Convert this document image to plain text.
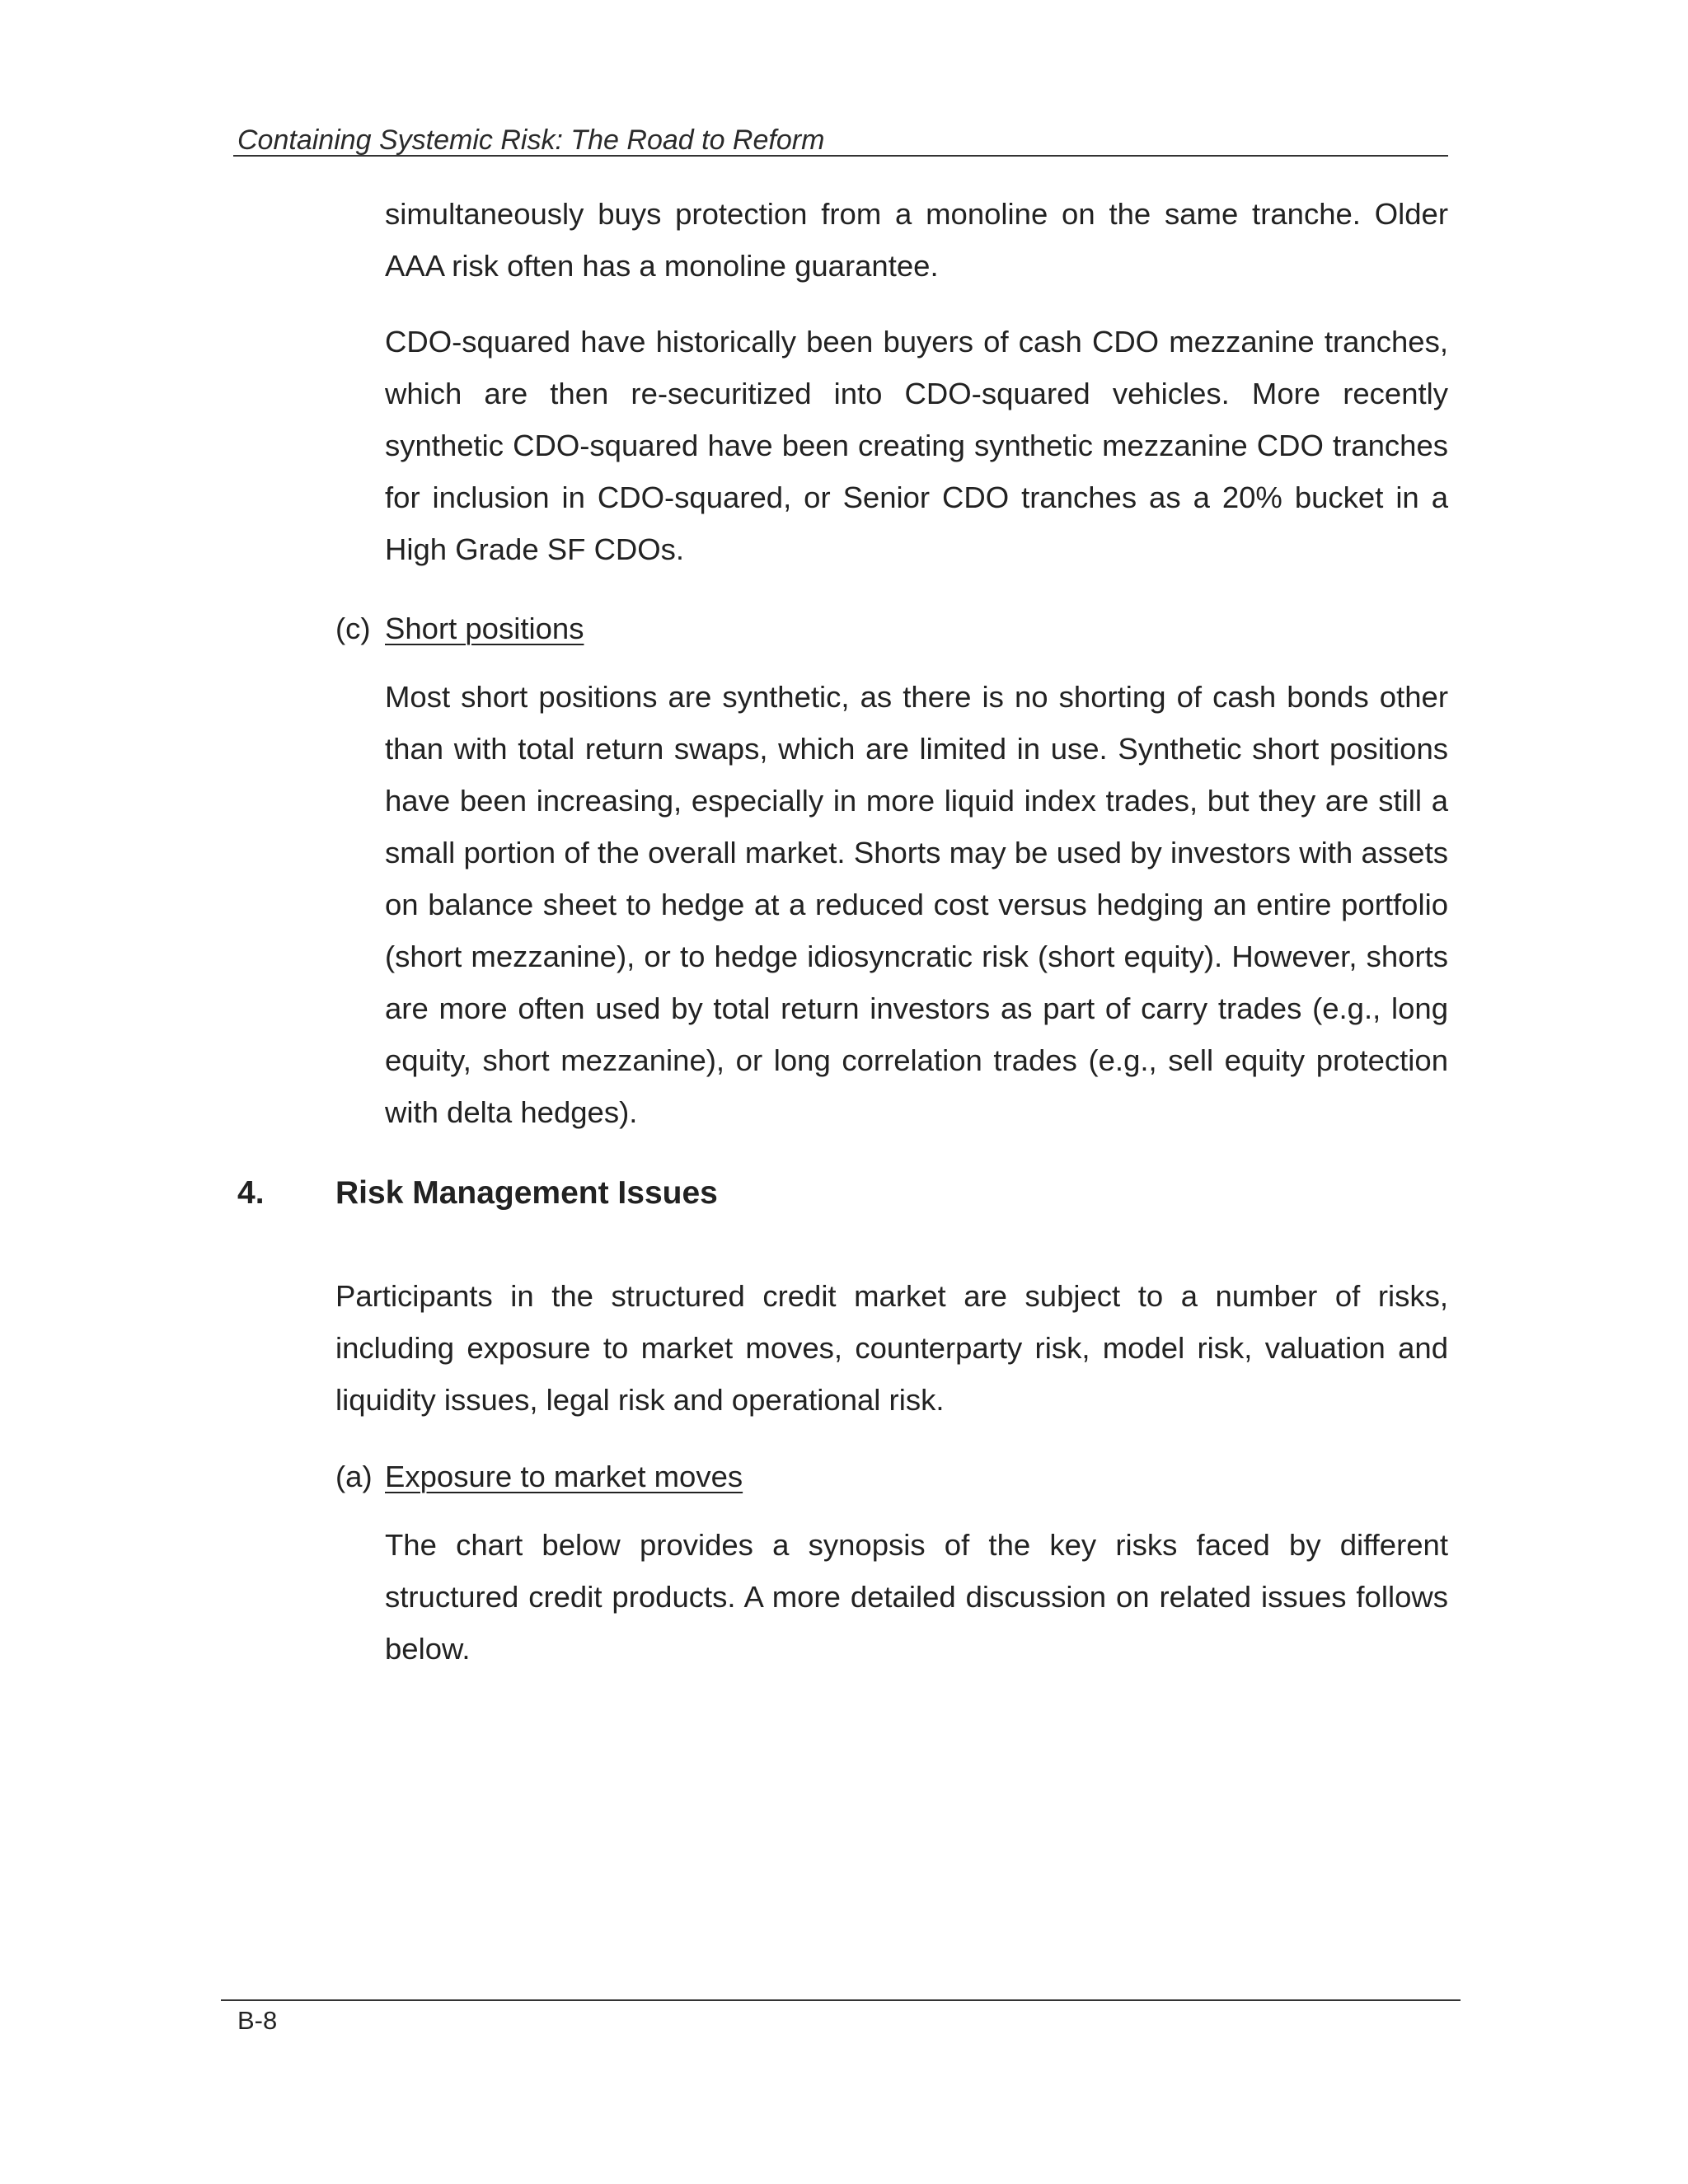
Containing Systemic Risk: The Road to Reform

simultaneously buys protection from a monoline on the same tranche. Older AAA risk often has a monoline guarantee.

CDO-squared have historically been buyers of cash CDO mezzanine tranches, which are then re-securitized into CDO-squared vehicles. More recently synthetic CDO-squared have been creating synthetic mezzanine CDO tranches for inclusion in CDO-squared, or Senior CDO tranches as a 20% bucket in a High Grade SF CDOs.

(c) Short positions

Most short positions are synthetic, as there is no shorting of cash bonds other than with total return swaps, which are limited in use. Synthetic short positions have been increasing, especially in more liquid index trades, but they are still a small portion of the overall market. Shorts may be used by investors with assets on balance sheet to hedge at a reduced cost versus hedging an entire portfolio (short mezzanine), or to hedge idiosyncratic risk (short equity). However, shorts are more often used by total return investors as part of carry trades (e.g., long equity, short mezzanine), or long correlation trades (e.g., sell equity protection with delta hedges).

4. Risk Management Issues

Participants in the structured credit market are subject to a number of risks, including exposure to market moves, counterparty risk, model risk, valuation and liquidity issues, legal risk and operational risk.

(a) Exposure to market moves

The chart below provides a synopsis of the key risks faced by different structured credit products. A more detailed discussion on related issues follows below.

B-8
